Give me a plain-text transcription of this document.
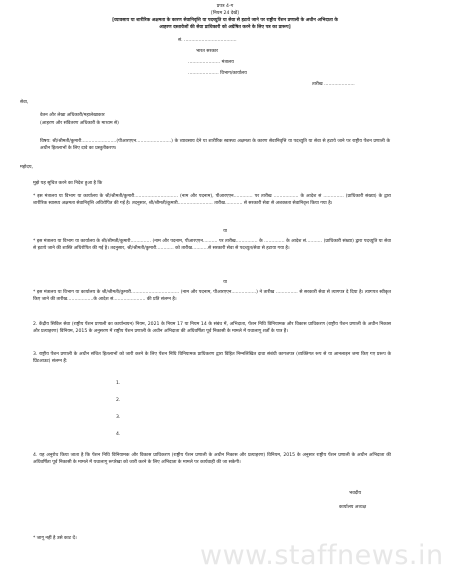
www.staffnews.in
प्रपत्र 4-ग
[नियम 24 देखें]
[व्यावसाय या शारीरिक अक्षमता के कारण सेवानिवृत्ति या पदच्युति या सेवा से हटाये जाने पर राष्ट्रीय पेंशन प्रणाली के अधीन अभिदाता के
आहरण दस्तावेजों की सेवा प्राधिकारी को अग्रेषित करने के लिए पत्र का प्रारूप]
सं. ....................................
भारत सरकार
...................... मंत्रालय
..................... विभाग/कार्यालय
तारीख .....................
सेवा,
वेतन और लेखा अधिकारी/महालेखाकार
(आहरण और संवितरण अधिकारी के माध्यम से)
विषय: श्री/श्रीमती/कुमारी........................(पीआरएएन........................) के व्यावसाय देने या शारीरिक स्वास्थ्य अक्षमता के कारण सेवानिवृत्ति या पदच्युति या सेवा से हटाये जाने पर राष्ट्रीय पेंशन प्रणाली के अधीन हितलाभों के लिए दावे का प्रस्तुतीकरण।
महोदय,
मुझे यह सूचित करने का निदेश हुआ है कि
* इस मंत्रालय या विभाग या कार्यालय के श्री/श्रीमती/कुमारी.............................. (नाम और पदनाम), पीआरएएन............. पर तारीख ................. के आदेश सं .............. (प्राधिकारी संख्या) के द्वारा शारीरिक स्वास्थ्य अक्षमता सेवानिवृत्ति अधिरोपित की गई है। तदनुसार, श्री/श्रीमती/कुमारी........................ तारीख............ से सरकारी सेवा से अशक्तता सेवानिवृत्त किया गया है।
या
* इस मंत्रालय या विभाग या कार्यालय के श्री/श्रीमती/कुमारी.............. (नाम और पदनाम, पीआरएएन.......... पर तारीख............... के .............. के आदेश सं........... (प्राधिकारी संख्या) द्वारा पदच्युति या सेवा से हटाये जाने की शास्ति अधिरोपित की गई है। तदनुसार, श्री/श्रीमती/कुमारी............ को तारीख...........से सरकारी सेवा से पदच्युत/सेवा से हटाया गया है।
या
* इस मंत्रालय या विभाग या कार्यालय के श्री/श्रीमती/कुमारी................................. (नाम और पदनाम, पीआरएएन.................) ने तारीख ............... से सरकारी सेवा से त्यागपत्र दे दिया है। त्यागपत्र स्वीकृत किए जाने की तारीख..................के आदेश सं...................... की प्रति संलग्न है।
2. केंद्रीय सिविल सेवा (राष्ट्रीय पेंशन प्रणाली का कार्यान्वयन) नियम, 2021 के नियम 17 या नियम 14 के संबंध में, अभिदाता, पेंशन निधि विनियामक और विकास प्राधिकरण (राष्ट्रीय पेंशन प्रणाली के अधीन निकास और प्रत्याहरण) विनियम, 2015 के अनुसरण में राष्ट्रीय पेंशन प्रणाली के अधीन अभिदाता की अधिवर्षिता पूर्व निकासी के मामले में यथालागू शर्तों के पात्र हैं।
3. राष्ट्रीय पेंशन प्रणाली के अधीन संचित हितलाभों को जारी करने के लिए पेंशन निधि विनियामक प्राधिकरण द्वारा विहित निम्नलिखित दावा संबंधी कागजपत्र (व्यक्तिगत रूप से या आनलाइन जमा किए गए प्ररूप के प्रिंटआउट) संलग्न हैं:
1.
2.
3.
4.
4. यह अनुरोध किया जाता है कि पेंशन निधि विनियामक और विकास प्राधिकरण (राष्ट्रीय पेंशन प्रणाली के अधीन निकास और प्रत्याहरण) विनियम, 2015 के अनुसार राष्ट्रीय पेंशन प्रणाली के अधीन अभिदाता की अधिवर्षिता पूर्व निकासी के मामले में यथालागू रूपरेखा को जारी करने के लिए अभिदाता के मामले पर कार्यवाही की जा सकेगी।
भवदीय
कार्यालय अध्यक्ष
* जागू नहीं है उसे काट दें।
